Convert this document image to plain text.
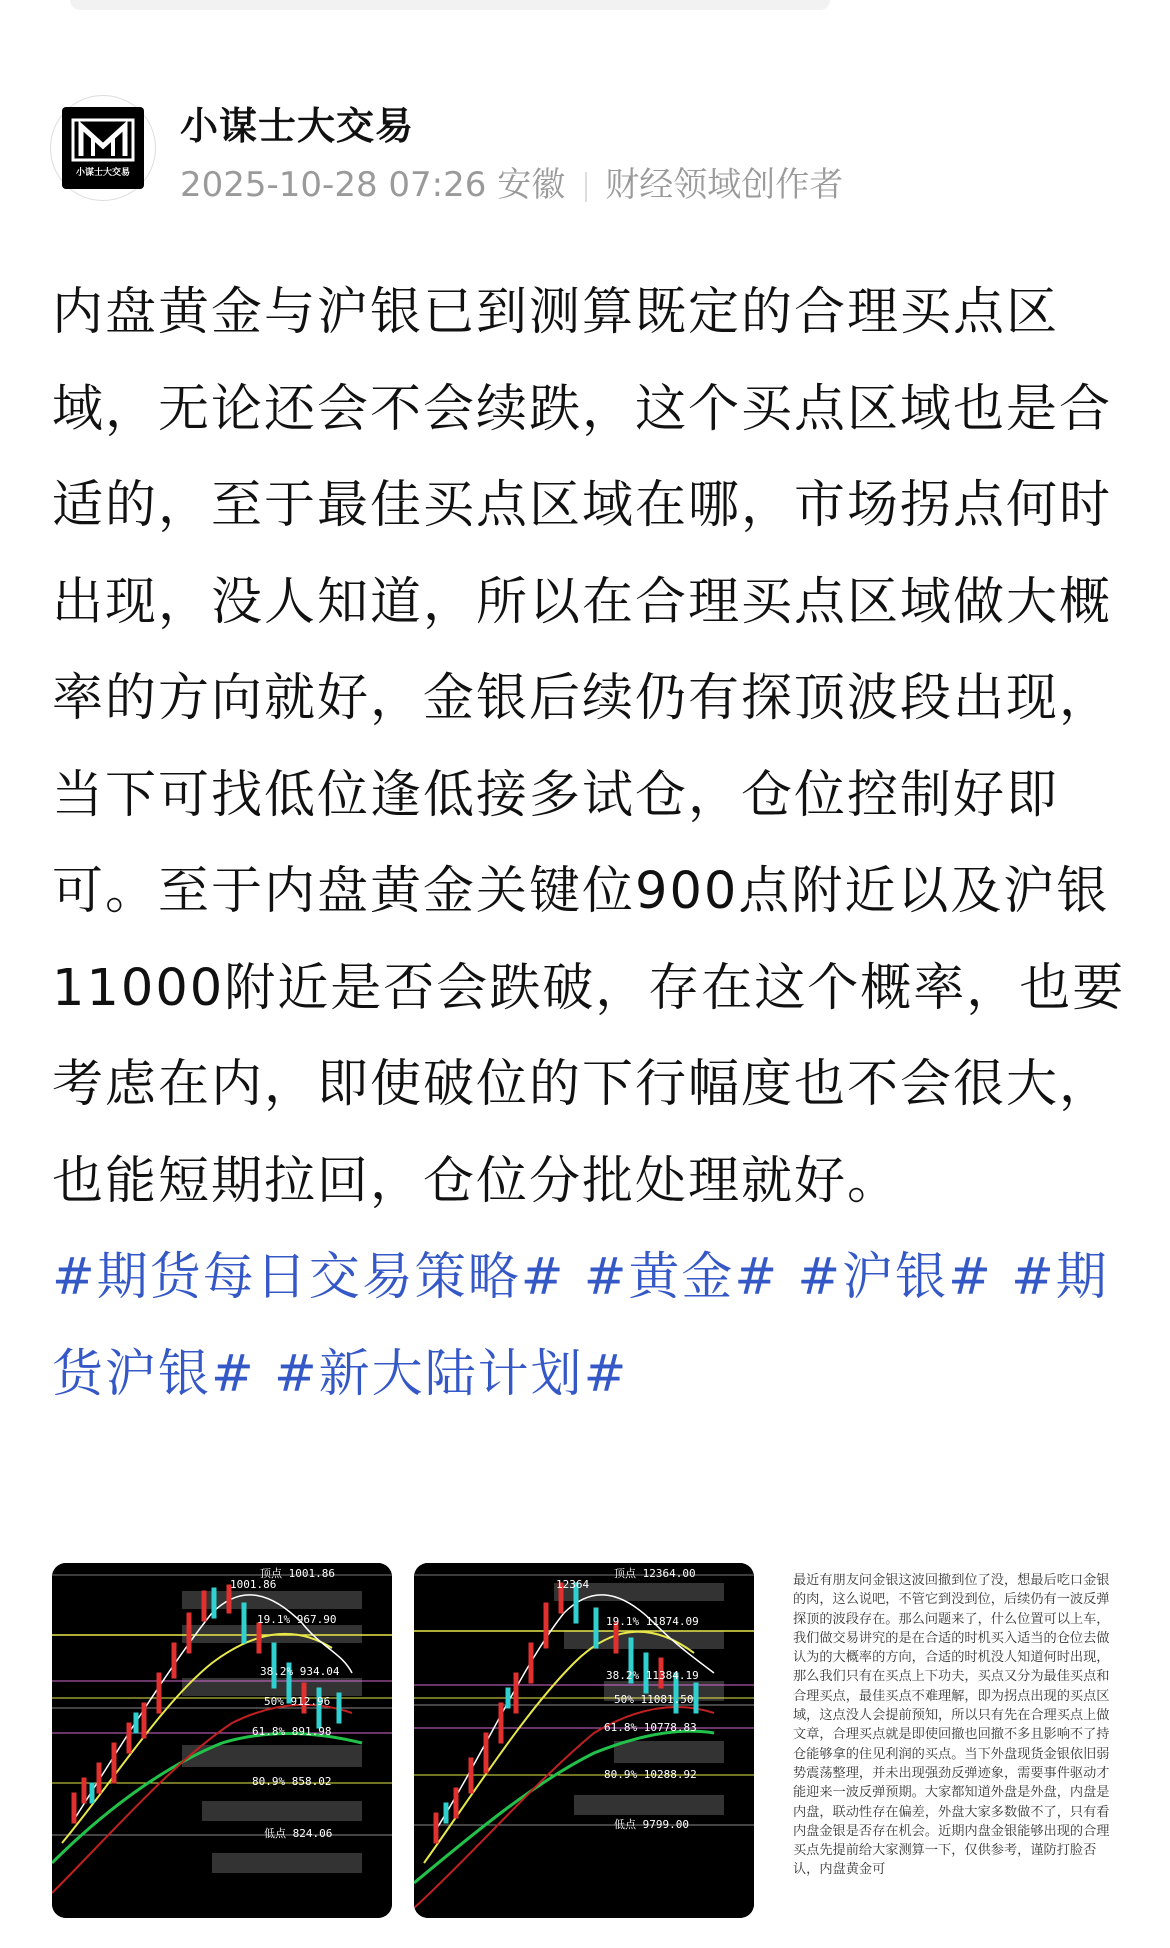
小谋士大交易
小谋士大交易
2025-10-28 07:26 安徽 财经领域创作者
内盘黄金与沪银已到测算既定的合理买点区域，无论还会不会续跌，这个买点区域也是合适的，至于最佳买点区域在哪，市场拐点何时出现，没人知道，所以在合理买点区域做大概率的方向就好，金银后续仍有探顶波段出现，当下可找低位逢低接多试仓，仓位控制好即可。至于内盘黄金关键位900点附近以及沪银11000附近是否会跌破，存在这个概率，也要考虑在内，即使破位的下行幅度也不会很大，也能短期拉回，仓位分批处理就好。
#期货每日交易策略# #黄金# #沪银# #期货沪银# #新大陆计划#
1001.86
顶点 1001.86
19.1% 967.90
38.2% 934.04
50% 912.96
61.8% 891.98
80.9% 858.02
低点 824.06
12364
顶点 12364.00
19.1% 11874.09
38.2% 11384.19
50% 11081.50
61.8% 10778.83
80.9% 10288.92
低点 9799.00

最近有朋友问金银这波回撤到位了没，想最后吃口金银的肉，这么说吧，不管它到没到位，后续仍有一波反弹探顶的波段存在。那么问题来了，什么位置可以上车，我们做交易讲究的是在合适的时机买入适当的仓位去做认为的大概率的方向，合适的时机没人知道何时出现，那么我们只有在买点上下功夫，买点又分为最佳买点和合理买点，最佳买点不难理解，即为拐点出现的买点区域，这点没人会提前预知，所以只有先在合理买点上做文章，合理买点就是即使回撤也回撤不多且影响不了持仓能够拿的住见利润的买点。当下外盘现货金银依旧弱势震荡整理，并未出现强劲反弹迹象，需要事件驱动才能迎来一波反弹预期。大家都知道外盘是外盘，内盘是内盘，联动性存在偏差，外盘大家多数做不了，只有看内盘金银是否存在机会。近期内盘金银能够出现的合理买点先提前给大家测算一下，仅供参考，谨防打脸否认，内盘黄金可
